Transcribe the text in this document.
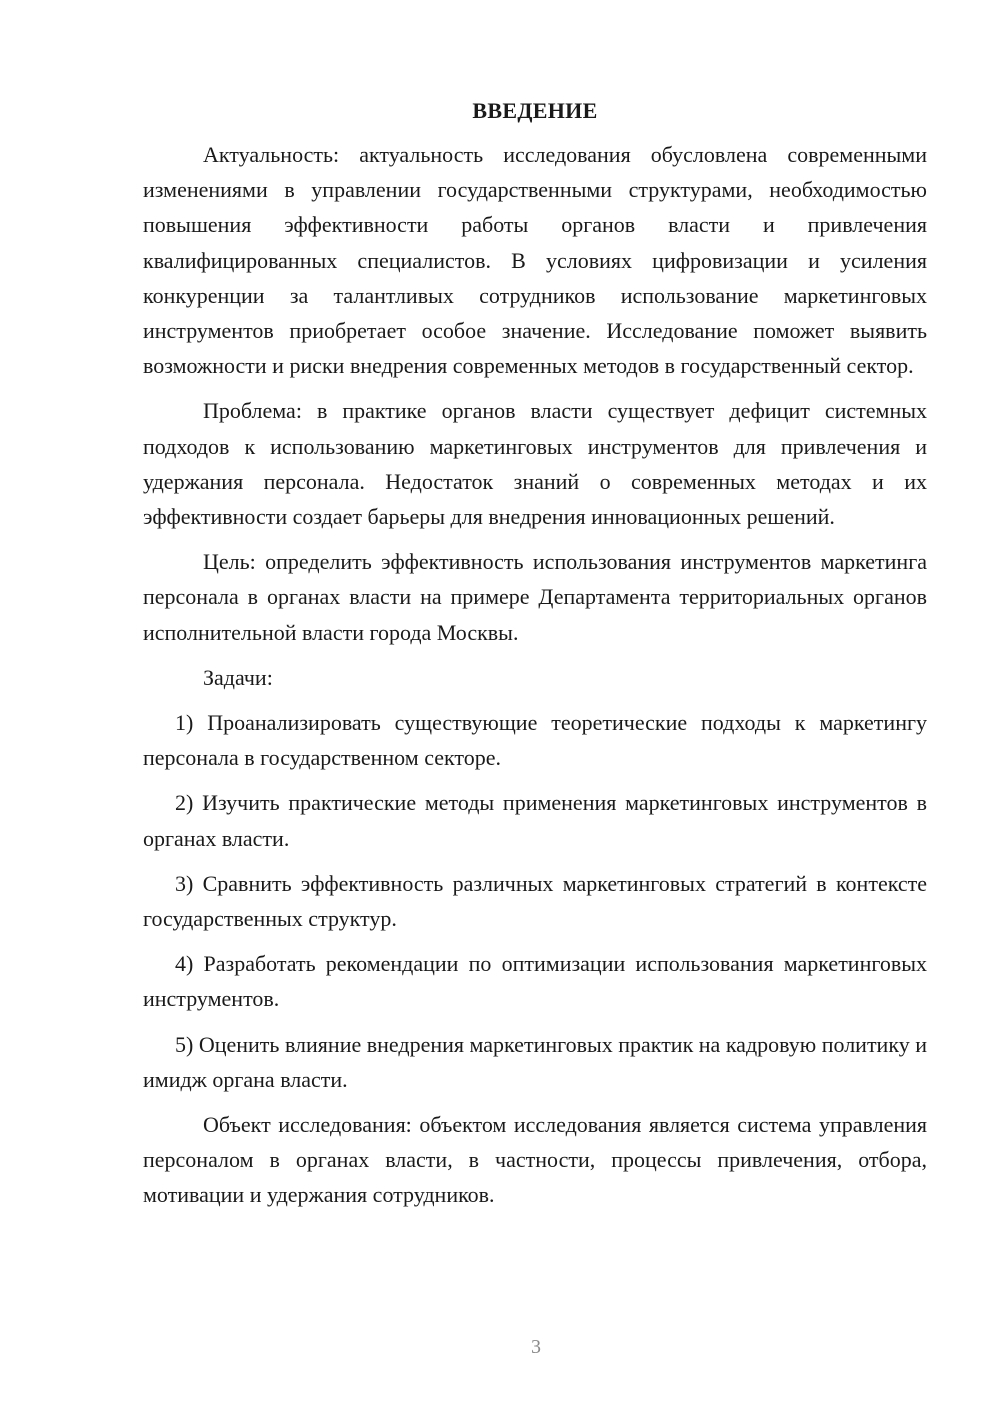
ВВЕДЕНИЕ

Актуальность: актуальность исследования обусловлена современными изменениями в управлении государственными структурами, необходимостью повышения эффективности работы органов власти и привлечения квалифицированных специалистов. В условиях цифровизации и усиления конкуренции за талантливых сотрудников использование маркетинговых инструментов приобретает особое значение. Исследование поможет выявить возможности и риски внедрения современных методов в государственный сектор.

Проблема: в практике органов власти существует дефицит системных подходов к использованию маркетинговых инструментов для привлечения и удержания персонала. Недостаток знаний о современных методах и их эффективности создает барьеры для внедрения инновационных решений.

Цель: определить эффективность использования инструментов маркетинга персонала в органах власти на примере Департамента территориальных органов исполнительной власти города Москвы.

Задачи:

1) Проанализировать существующие теоретические подходы к маркетингу персонала в государственном секторе.

2) Изучить практические методы применения маркетинговых инструментов в органах власти.

3) Сравнить эффективность различных маркетинговых стратегий в контексте государственных структур.

4) Разработать рекомендации по оптимизации использования маркетинговых инструментов.

5) Оценить влияние внедрения маркетинговых практик на кадровую политику и имидж органа власти.

Объект исследования: объектом исследования является система управления персоналом в органах власти, в частности, процессы привлечения, отбора, мотивации и удержания сотрудников.

3
